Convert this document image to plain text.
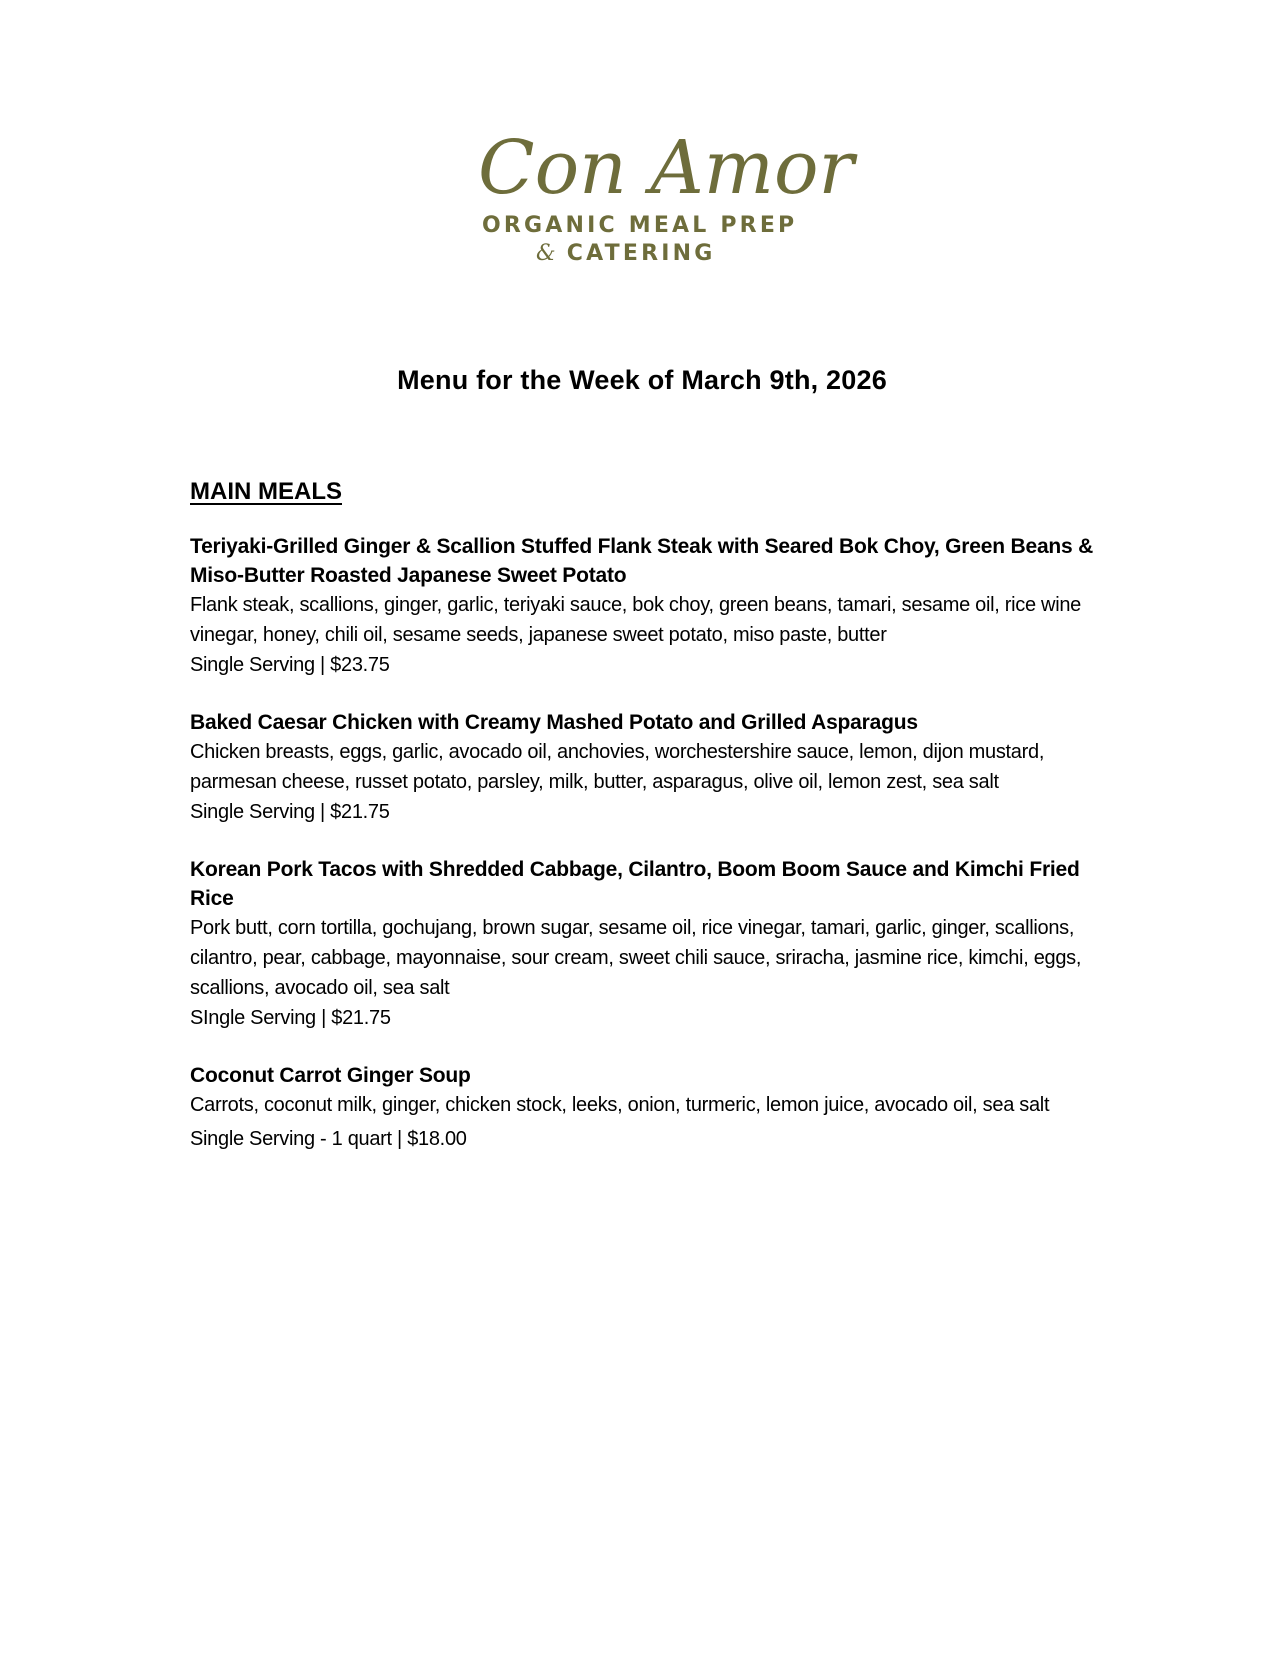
Con Amor
ORGANIC MEAL PREP
& CATERING
Menu for the Week of March 9th, 2026
MAIN MEALS
Teriyaki-Grilled Ginger & Scallion Stuffed Flank Steak with Seared Bok Choy, Green Beans & Miso-Butter Roasted Japanese Sweet Potato
Flank steak, scallions, ginger, garlic, teriyaki sauce, bok choy, green beans, tamari, sesame oil, rice wine vinegar, honey, chili oil, sesame seeds, japanese sweet potato, miso paste, butter
Single Serving | $23.75
Baked Caesar Chicken with Creamy Mashed Potato and Grilled Asparagus
Chicken breasts, eggs, garlic, avocado oil, anchovies, worchestershire sauce, lemon, dijon mustard, parmesan cheese, russet potato, parsley, milk, butter, asparagus, olive oil, lemon zest, sea salt
Single Serving | $21.75
Korean Pork Tacos with Shredded Cabbage, Cilantro, Boom Boom Sauce and Kimchi Fried Rice
Pork butt, corn tortilla, gochujang, brown sugar, sesame oil, rice vinegar, tamari, garlic, ginger, scallions, cilantro, pear, cabbage, mayonnaise, sour cream, sweet chili sauce, sriracha, jasmine rice, kimchi, eggs, scallions, avocado oil, sea salt
SIngle Serving | $21.75
Coconut Carrot Ginger Soup
Carrots, coconut milk, ginger, chicken stock, leeks, onion, turmeric, lemon juice, avocado oil, sea salt
Single Serving - 1 quart | $18.00
